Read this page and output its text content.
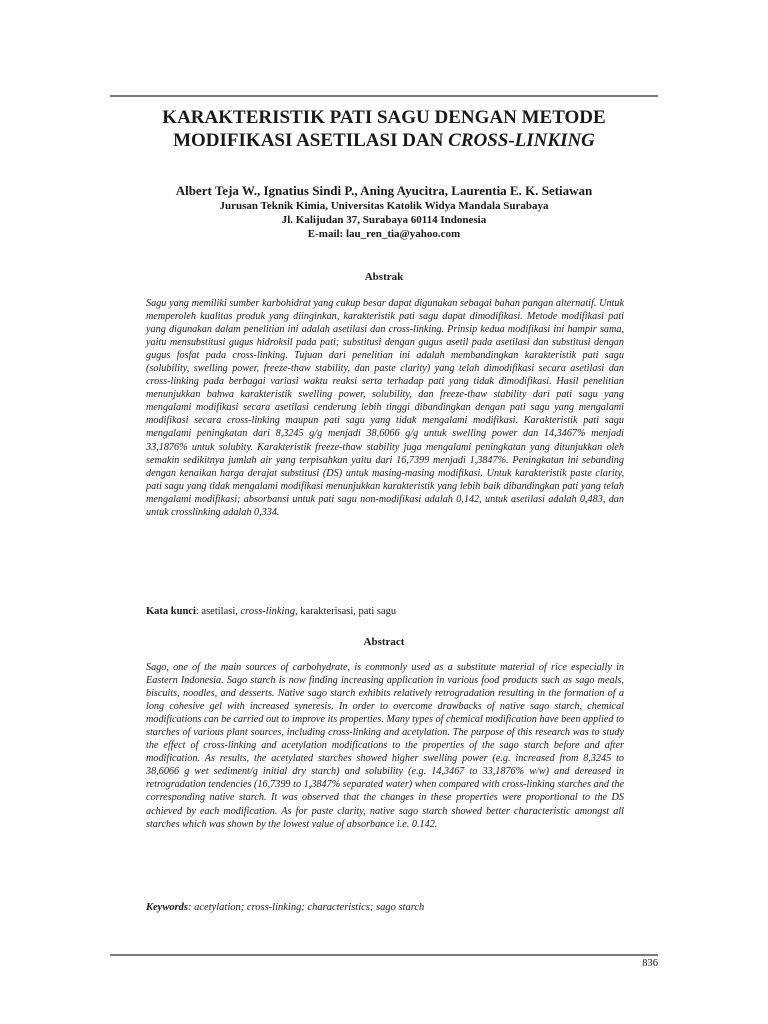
KARAKTERISTIK PATI SAGU DENGAN METODE
MODIFIKASI ASETILASI DAN CROSS-LINKING
Albert Teja W., Ignatius Sindi P., Aning Ayucitra, Laurentia E. K. Setiawan
Jurusan Teknik Kimia, Universitas Katolik Widya Mandala Surabaya
Jl. Kalijudan 37, Surabaya 60114 Indonesia
E-mail: lau_ren_tia@yahoo.com
Abstrak
Sagu yang memiliki sumber karbohidrat yang cukup besar dapat digunakan sebagai bahan pangan alternatif. Untuk memperoleh kualitas produk yang diinginkan, karakteristik pati sagu dapat dimodifikasi. Metode modifikasi pati yang digunakan dalam penelitian ini adalah asetilasi dan cross-linking. Prinsip kedua modifikasi ini hampir sama, yaitu mensubstitusi gugus hidroksil pada pati; substitusi dengan gugus asetil pada asetilasi dan substitusi dengan gugus fosfat pada cross-linking. Tujuan dari penelitian ini adalah membandingkan karakteristik pati sagu (solubility, swelling power, freeze-thaw stability, dan paste clarity) yang telah dimodifikasi secara asetilasi dan cross-linking pada berbagai variasi waktu reaksi serta terhadap pati yang tidak dimodifikasi. Hasil penelitian menunjukkan bahwa karakteristik swelling power, solubility, dan freeze-thaw stability dari pati sagu yang mengalami modifikasi secara asetilasi cenderung lebih tinggi dibandingkan dengan pati sagu yang mengalami modifikasi secara cross-linking maupun pati sagu yang tidak mengalami modifikasi. Karakteristik pati sagu mengalami peningkatan dari 8,3245 g/g menjadi 38,6066 g/g untuk swelling power dan 14,3467% menjadi 33,1876% untuk solubity. Karakteristik freeze-thaw stability juga mengalami peningkatan yang ditunjukkan oleh semakin sedikitnya jumlah air yang terpisahkan yaitu dari 16,7399 menjadi 1,3847%. Peningkatan ini sebanding dengan kenaikan harga derajat substitusi (DS) untuk masing-masing modifikasi. Untuk karakteristik paste clarity, pati sagu yang tidak mengalami modifikasi menunjukkan karakteristik yang lebih baik dibandingkan pati yang telah mengalami modifikasi; absorbansi untuk pati sagu non-modifikasi adalah 0,142, untuk asetilasi adalah 0,483, dan untuk crosslinking adalah 0,334.
Kata kunci: asetilasi, cross-linking, karakterisasi, pati sagu
Abstract
Sago, one of the main sources of carbohydrate, is commonly used as a substitute material of rice especially in Eastern Indonesia. Sago starch is now finding increasing application in various food products such as sago meals, biscuits, noodles, and desserts. Native sago starch exhibits relatively retrogradation resulting in the formation of a long cohesive gel with increased syneresis. In order to overcome drawbacks of native sago starch, chemical modifications can be carried out to improve its properties. Many types of chemical modification have been applied to starches of various plant sources, including cross-linking and acetylation. The purpose of this research was to study the effect of cross-linking and acetylation modifications to the properties of the sago starch before and after modification. As results, the acetylated starches showed higher swelling power (e.g. increased from 8,3245 to 38,6066 g wet sediment/g initial dry starch) and solubility (e.g. 14,3467 to 33,1876% w/w) and dereased in retrogradation tendencies (16,7399 to 1,3847% separated water) when compared with cross-linking starches and the corresponding native starch. It was observed that the changes in these properties were proportional to the DS achieved by each modification. As for paste clarity, native sago starch showed better characteristic amongst all starches which was shown by the lowest value of absorbance i.e. 0.142.
Keywords: acetylation; cross-linking; characteristics; sago starch
836
